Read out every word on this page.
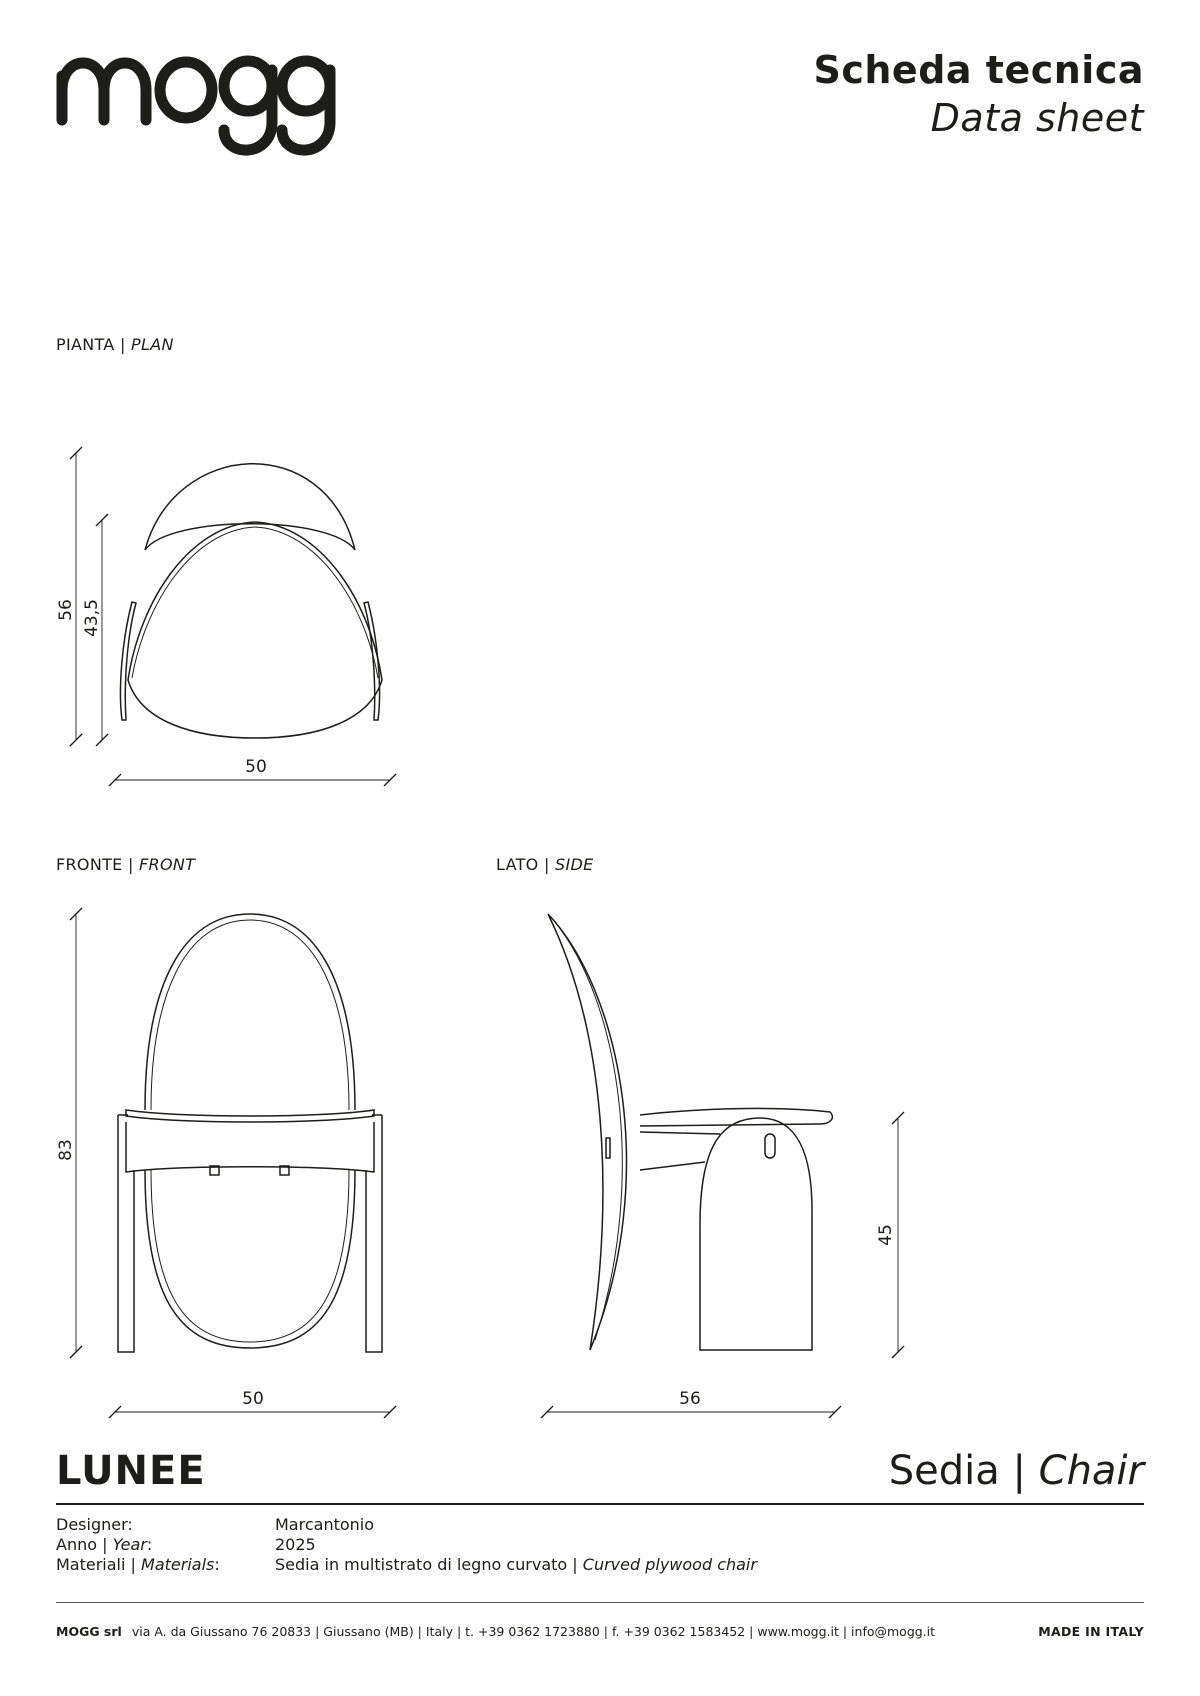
Scheda tecnica
Data sheet
PIANTA | PLAN
FRONTE | FRONT	LATO | SIDE
56 43,5
50
83
50
45
56
LUNEE	Sedia | Chair
Designer:	Marcantonio
Anno | Year:	2025
Materiali | Materials:	Sedia in multistrato di legno curvato | Curved plywood chair
MOGG srl via A. da Giussano 76 20833 | Giussano (MB) | Italy | t. +39 0362 1723880 | f. +39 0362 1583452 | www.mogg.it | info@mogg.it	MADE IN ITALY
